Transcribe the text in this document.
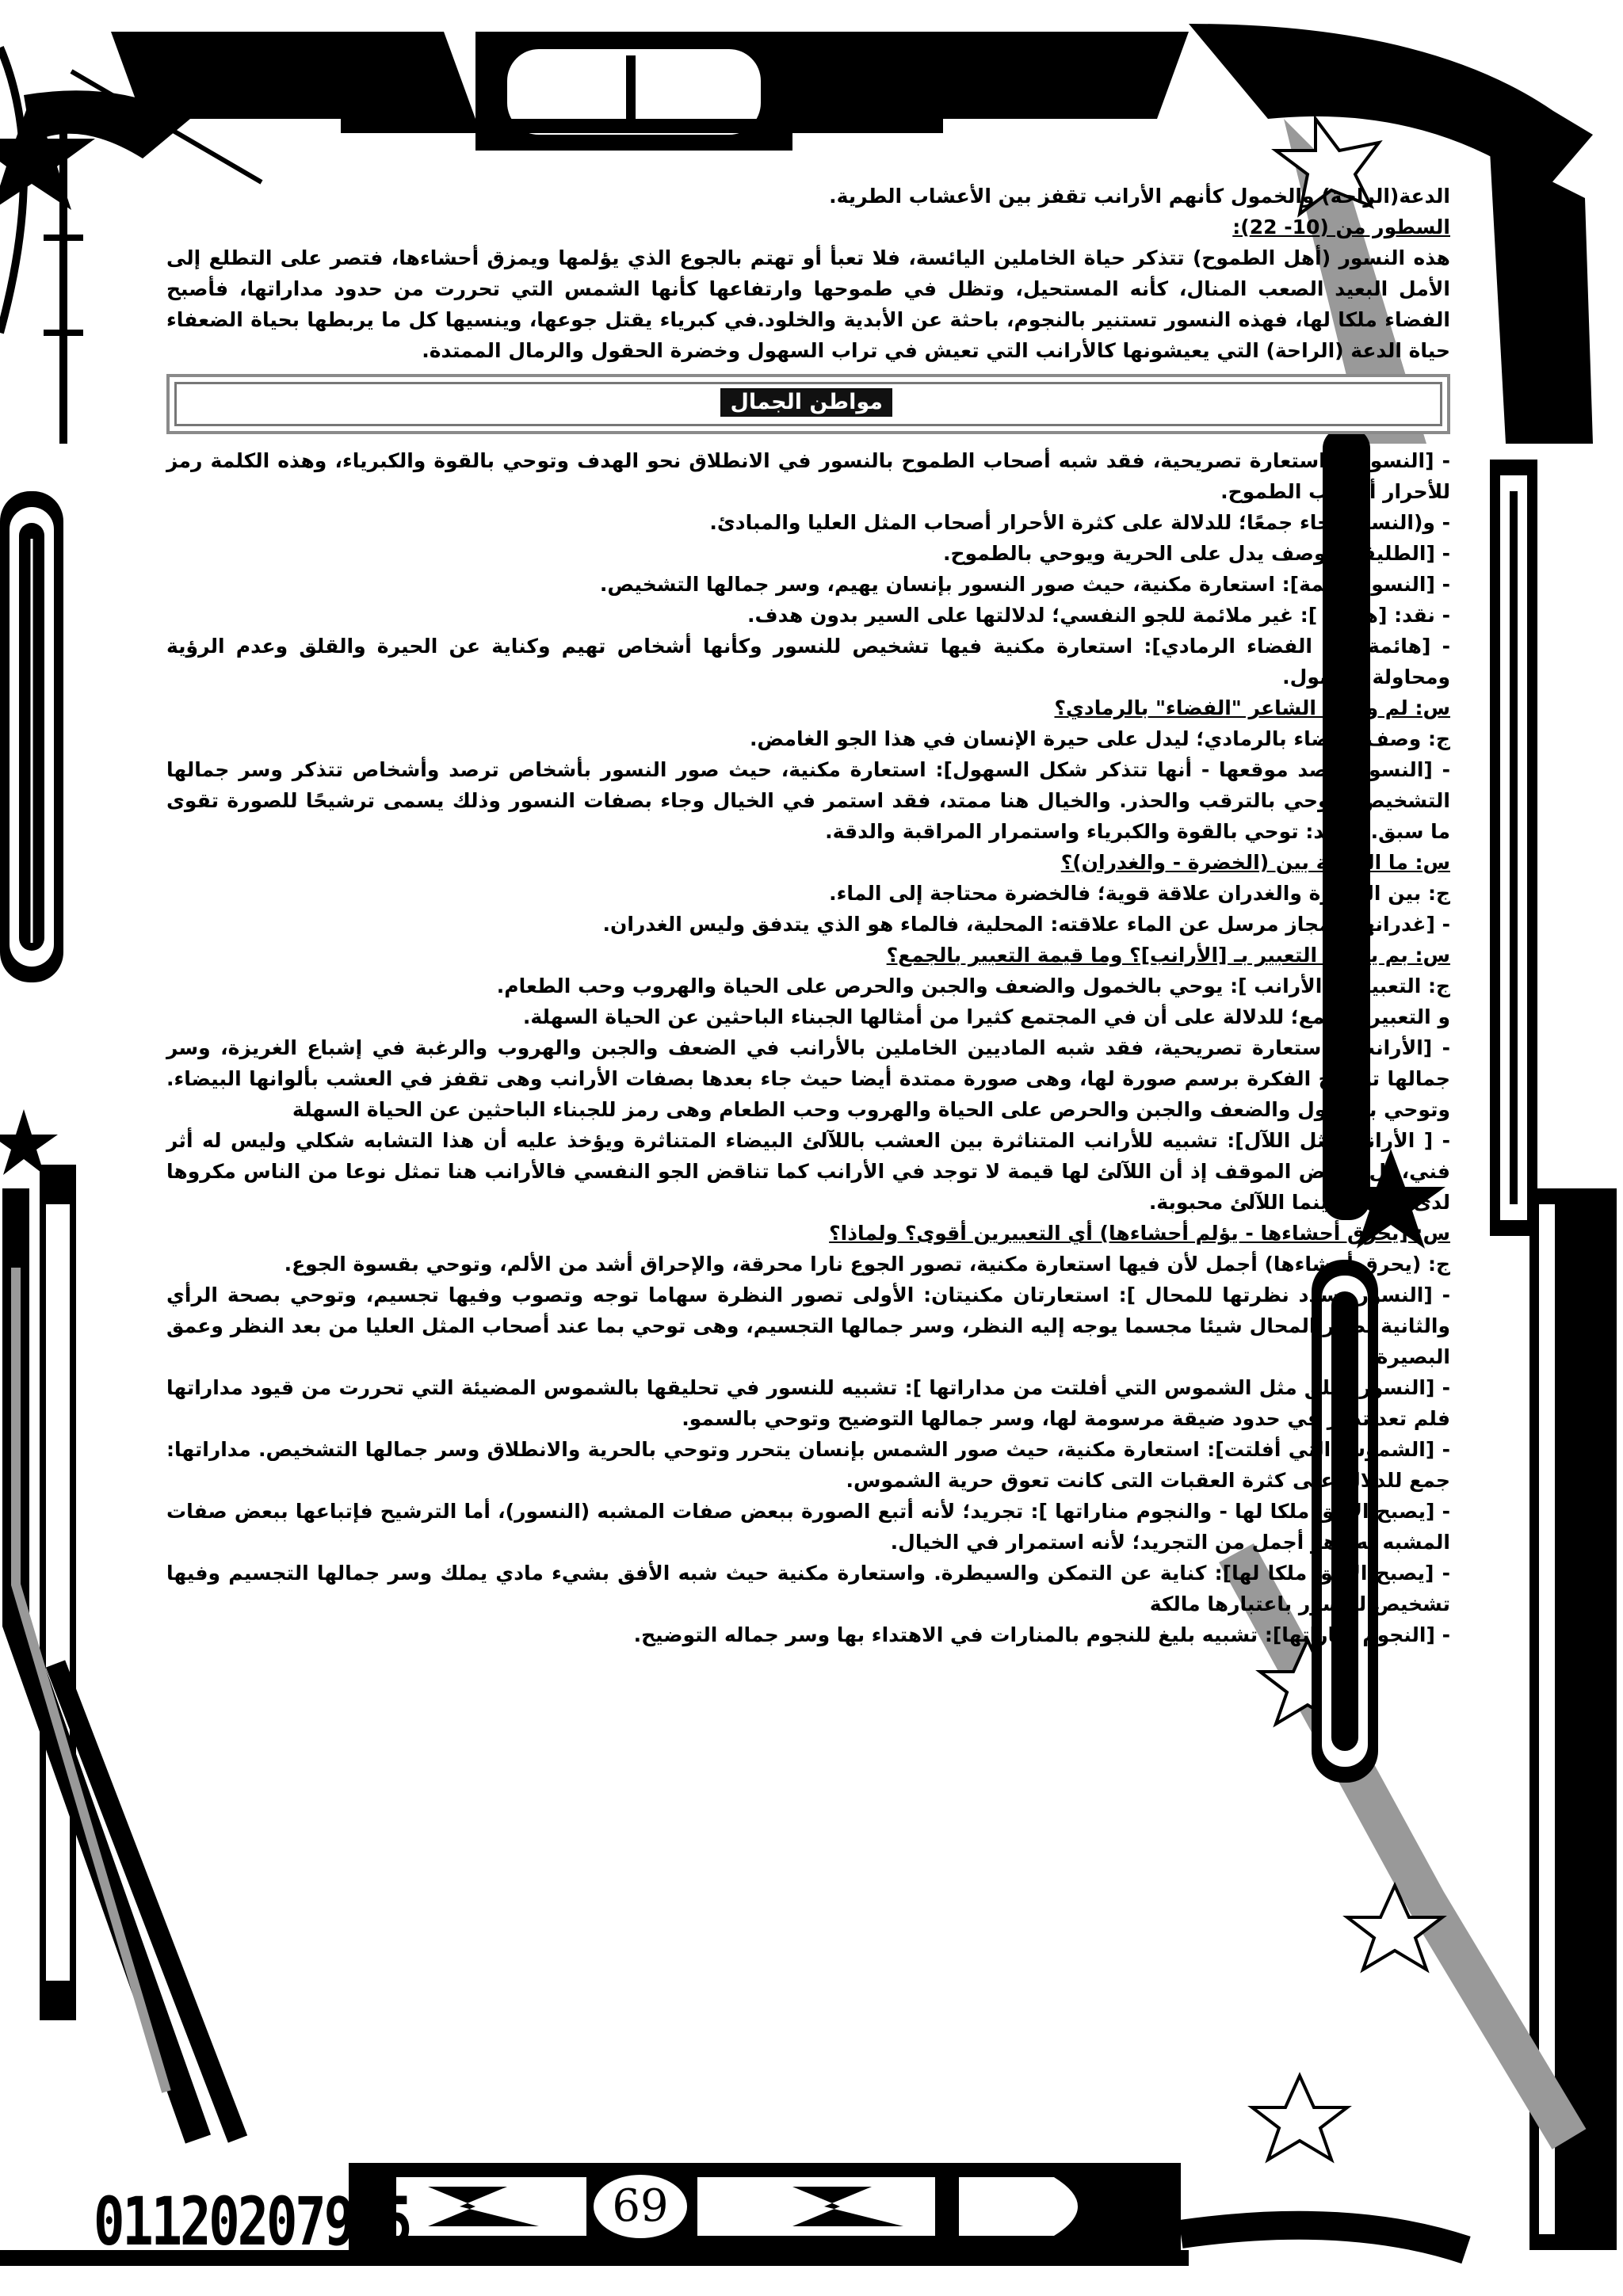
الدعة(الراحة) والخمول كأنهم الأرانب تقفز بين الأعشاب الطرية.

السطور من (10- 22):

هذه النسور (أهل الطموح) تتذكر حياة الخاملين اليائسة، فلا تعبأ أو تهتم بالجوع الذي يؤلمها ويمزق أحشاءها، فتصر على التطلع إلى الأمل البعيد الصعب المنال، كأنه المستحيل، وتظل في طموحها وارتفاعها كأنها الشمس التي تحررت من حدود مداراتها، فأصبح الفضاء ملكا لها، فهذه النسور تستنير بالنجوم، باحثة عن الأبدية والخلود.في كبرياء يقتل جوعها، وينسيها كل ما يربطها بحياة الضعفاء حياة الدعة (الراحة) التي يعيشونها كالأرانب التي تعيش في تراب السهول وخضرة الحقول والرمال الممتدة.

مواطن الجمال

- [النسور ]: استعارة تصريحية، فقد شبه أصحاب الطموح بالنسور في الانطلاق نحو الهدف وتوحي بالقوة والكبرياء، وهذه الكلمة رمز للأحرار أصحاب الطموح.

- و(النسور) جاء جمعًا؛ للدلالة على كثرة الأحرار أصحاب المثل العليا والمبادئ.

- [الطليقة]: وصف يدل على الحرية ويوحي بالطموح.

- [النسور هائمة]: استعارة مكنية، حيث صور النسور بإنسان يهيم، وسر جمالها التشخيص.

- نقد: [هائمة ]: غير ملائمة للجو النفسي؛ لدلالتها على السير بدون هدف.

- [هائمة في الفضاء الرمادي]: استعارة مكنية فيها تشخيص للنسور وكأنها أشخاص تهيم وكناية عن الحيرة والقلق وعدم الرؤية ومحاولة الوصول.

س: لم وصف الشاعر "الفضاء" بالرمادي؟

ج: وصف الفضاء بالرمادي؛ ليدل على حيرة الإنسان في هذا الجو الغامض.

- [النسور ترصد موقعها - أنها تتذكر شكل السهول]: استعارة مكنية، حيث صور النسور بأشخاص ترصد وأشخاص تتذكر وسر جمالها التشخيص وتوحي بالترقب والحذر. والخيال هنا ممتد، فقد استمر في الخيال وجاء بصفات النسور وذلك يسمى ترشيحًا للصورة تقوى ما سبق. ترصد: توحي بالقوة والكبرياء واستمرار المراقبة والدقة.

س: ما العلاقة بين (الخضرة - والغدران)؟

ج: بين الخضرة والغدران علاقة قوية؛ فالخضرة محتاجة إلى الماء.

- [غدرانها]: مجاز مرسل عن الماء علاقته: المحلية، فالماء هو الذي يتدفق وليس الغدران.

س: بم يوحي التعبير بـ [الأرانب]؟ وما قيمة التعبير بالجمع؟

ج: التعبير بـ [الأرانب ]: يوحي بالخمول والضعف والجبن والحرص على الحياة والهروب وحب الطعام.

و التعبير بالجمع؛ للدلالة على أن في المجتمع كثيرا من أمثالها الجبناء الباحثين عن الحياة السهلة.

- [الأرانب]: استعارة تصريحية، فقد شبه الماديين الخاملين بالأرانب في الضعف والجبن والهروب والرغبة في إشباع الغريزة، وسر جمالها توضيح الفكرة برسم صورة لها، وهى صورة ممتدة أيضا حيث جاء بعدها بصفات الأرانب وهى تقفز في العشب بألوانها البيضاء. وتوحي بالخمول والضعف والجبن والحرص على الحياة والهروب وحب الطعام وهى رمز للجبناء الباحثين عن الحياة السهلة

- [ الأرانب مثل اللآل]: تشبيه للأرانب المتناثرة بين العشب باللآلئ البيضاء المتناثرة ويؤخذ عليه أن هذا التشابه شكلي وليس له أثر فني، بل يناقض الموقف إذ أن اللآلئ لها قيمة لا توجد في الأرانب كما تناقض الجو النفسي فالأرانب هنا تمثل نوعا من الناس مكروها لدى الجميع بينما اللآلئ محبوبة.

س: [يحرق أحشاءها - يؤلم أحشاءها) أي التعبيرين أقوى؟ ولماذا؟

ج: (يحرق أحشاءها) أجمل لأن فيها استعارة مكنية، تصور الجوع نارا محرقة، والإحراق أشد من الألم، وتوحي بقسوة الجوع.

- [النسور تسدد نظرتها للمحال ]: استعارتان مكنيتان: الأولى تصور النظرة سهاما توجه وتصوب وفيها تجسيم، وتوحي بصحة الرأي والثانية تصور المحال شيئا مجسما يوجه إليه النظر، وسر جمالها التجسيم، وهى توحي بما عند أصحاب المثل العليا من بعد النظر وعمق البصيرة.

- [النسور تحلق مثل الشموس التي أفلتت من مداراتها ]: تشبيه للنسور في تحليقها بالشموس المضيئة التي تحررت من قيود مداراتها فلم تعد تدور في حدود ضيقة مرسومة لها، وسر جمالها التوضيح وتوحي بالسمو.

- [الشموس التي أفلتت]: استعارة مكنية، حيث صور الشمس بإنسان يتحرر وتوحي بالحرية والانطلاق وسر جمالها التشخيص. مداراتها: جمع للدلالة على كثرة العقبات التى كانت تعوق حرية الشموس.

- [يصبح الأفق ملكا لها - والنجوم مناراتها ]: تجريد؛ لأنه أتبع الصورة ببعض صفات المشبه (النسور)، أما الترشيح فإتباعها ببعض صفات المشبه به وهو أجمل من التجريد؛ لأنه استمرار في الخيال.

- [يصبح الأفق ملكا لها]: كناية عن التمكن والسيطرة. واستعارة مكنية حيث شبه الأفق بشيء مادي يملك وسر جمالها التجسيم وفيها تشخيص للنسور باعتبارها مالكة

- [النجوم مناراتها]: تشبيه بليغ للنجوم بالمنارات في الاهتداء بها وسر جماله التوضيح.

01120207965	69
